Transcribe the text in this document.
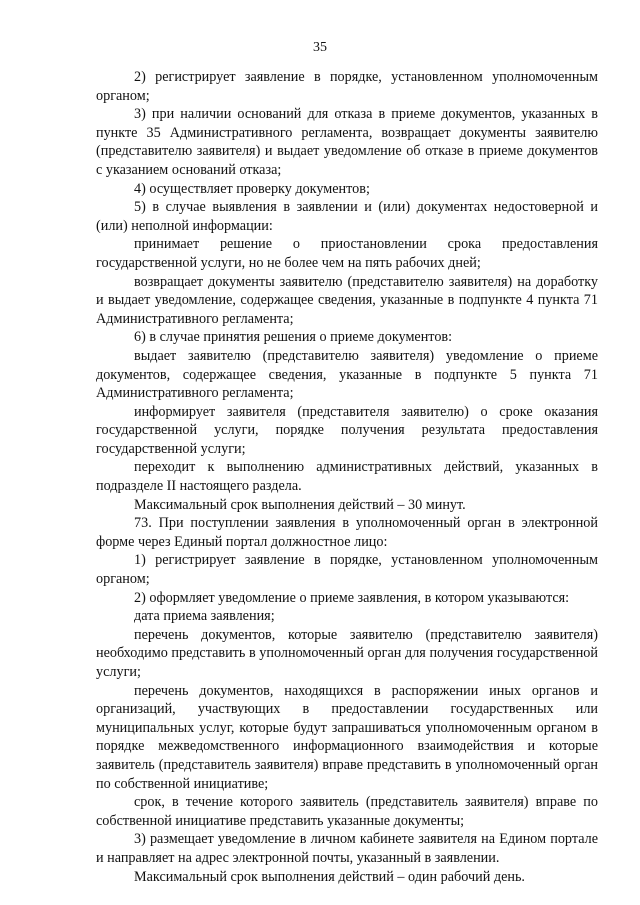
35

2) регистрирует заявление в порядке, установленном уполномоченным органом;

3) при наличии оснований для отказа в приеме документов, указанных в пункте 35 Административного регламента, возвращает документы заявителю (представителю заявителя) и выдает уведомление об отказе в приеме документов с указанием оснований отказа;

4) осуществляет проверку документов;

5) в случае выявления в заявлении и (или) документах недостоверной и (или) неполной информации:

принимает решение о приостановлении срока предоставления государственной услуги, но не более чем на пять рабочих дней;

возвращает документы заявителю (представителю заявителя) на доработку и выдает уведомление, содержащее сведения, указанные в подпункте 4 пункта 71 Административного регламента;

6) в случае принятия решения о приеме документов:

выдает заявителю (представителю заявителя) уведомление о приеме документов, содержащее сведения, указанные в подпункте 5 пункта 71 Административного регламента;

информирует заявителя (представителя заявителю) о сроке оказания государственной услуги, порядке получения результата предоставления государственной услуги;

переходит к выполнению административных действий, указанных в подразделе II настоящего раздела.

Максимальный срок выполнения действий – 30 минут.

73. При поступлении заявления в уполномоченный орган в электронной форме через Единый портал должностное лицо:

1) регистрирует заявление в порядке, установленном уполномоченным органом;

2) оформляет уведомление о приеме заявления, в котором указываются:

дата приема заявления;

перечень документов, которые заявителю (представителю заявителя) необходимо представить в уполномоченный орган для получения государственной услуги;

перечень документов, находящихся в распоряжении иных органов и организаций, участвующих в предоставлении государственных или муниципальных услуг, которые будут запрашиваться уполномоченным органом в порядке межведомственного информационного взаимодействия и которые заявитель (представитель заявителя) вправе представить в уполномоченный орган по собственной инициативе;

срок, в течение которого заявитель (представитель заявителя) вправе по собственной инициативе представить указанные документы;

3) размещает уведомление в личном кабинете заявителя на Едином портале и направляет на адрес электронной почты, указанный в заявлении.

Максимальный срок выполнения действий – один рабочий день.
